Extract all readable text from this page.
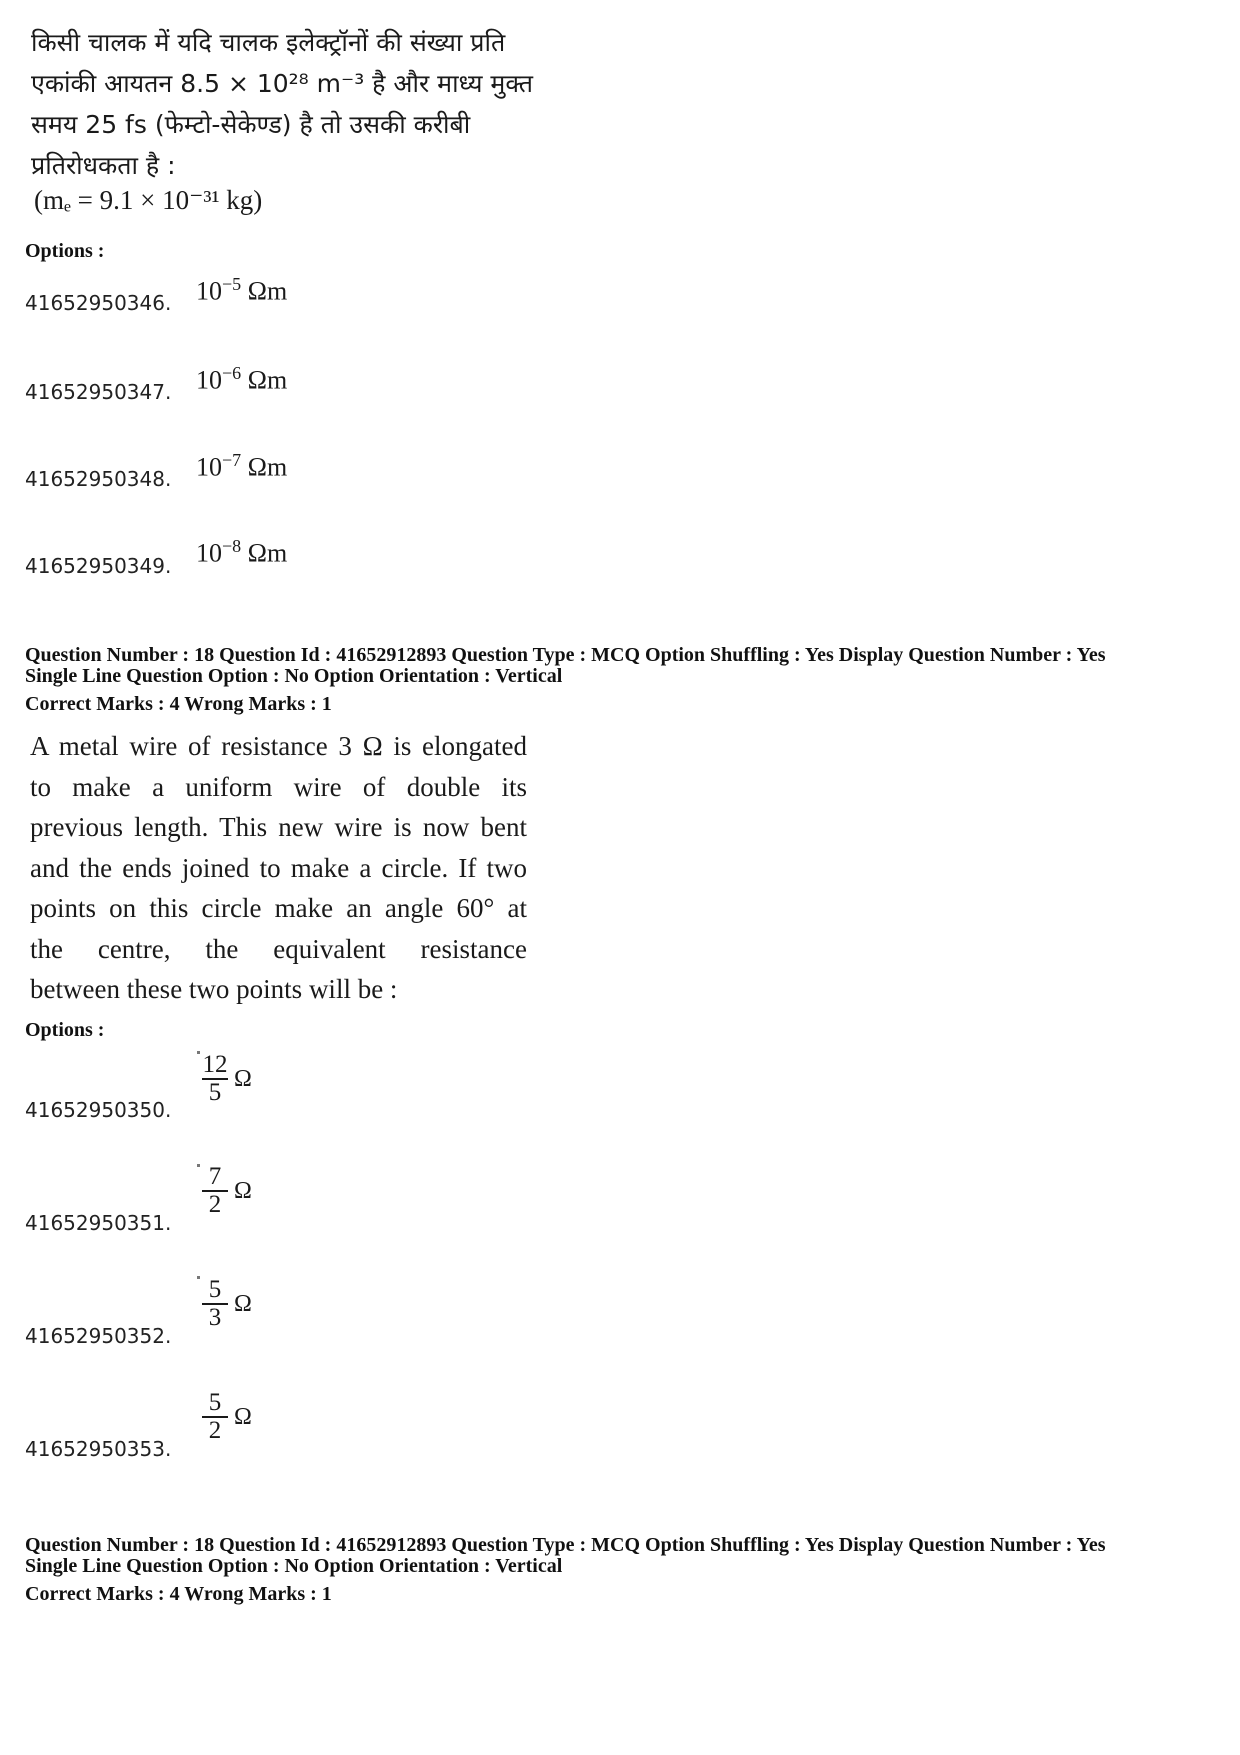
किसी चालक में यदि चालक इलेक्ट्रॉनों की संख्या प्रति
एकांकी आयतन 8.5 × 10²⁸ m⁻³ है और माध्य मुक्त
समय 25 fs (फेम्टो-सेकेण्ड) है तो उसकी करीबी
प्रतिरोधकता है :
(mₑ = 9.1 × 10⁻³¹ kg)
Options :
41652950346. $10^{-5}$ Ωm
41652950347. $10^{-6}$ Ωm
41652950348. $10^{-7}$ Ωm
41652950349. $10^{-8}$ Ωm
Question Number : 18 Question Id : 41652912893 Question Type : MCQ Option Shuffling : Yes Display Question Number : Yes
Single Line Question Option : No Option Orientation : Vertical
Correct Marks : 4 Wrong Marks : 1
A metal wire of resistance 3 Ω is elongated
to make a uniform wire of double its
previous length. This new wire is now bent
and the ends joined to make a circle. If two
points on this circle make an angle 60° at
the centre, the equivalent resistance
between these two points will be :
Options :
41652950350.
$\frac{12}{5}$ Ω
41652950351.
$\frac{7}{2}$ Ω
41652950352.
$\frac{5}{3}$ Ω
41652950353.
$\frac{5}{2}$ Ω
Question Number : 18 Question Id : 41652912893 Question Type : MCQ Option Shuffling : Yes Display Question Number : Yes
Single Line Question Option : No Option Orientation : Vertical
Correct Marks : 4 Wrong Marks : 1
